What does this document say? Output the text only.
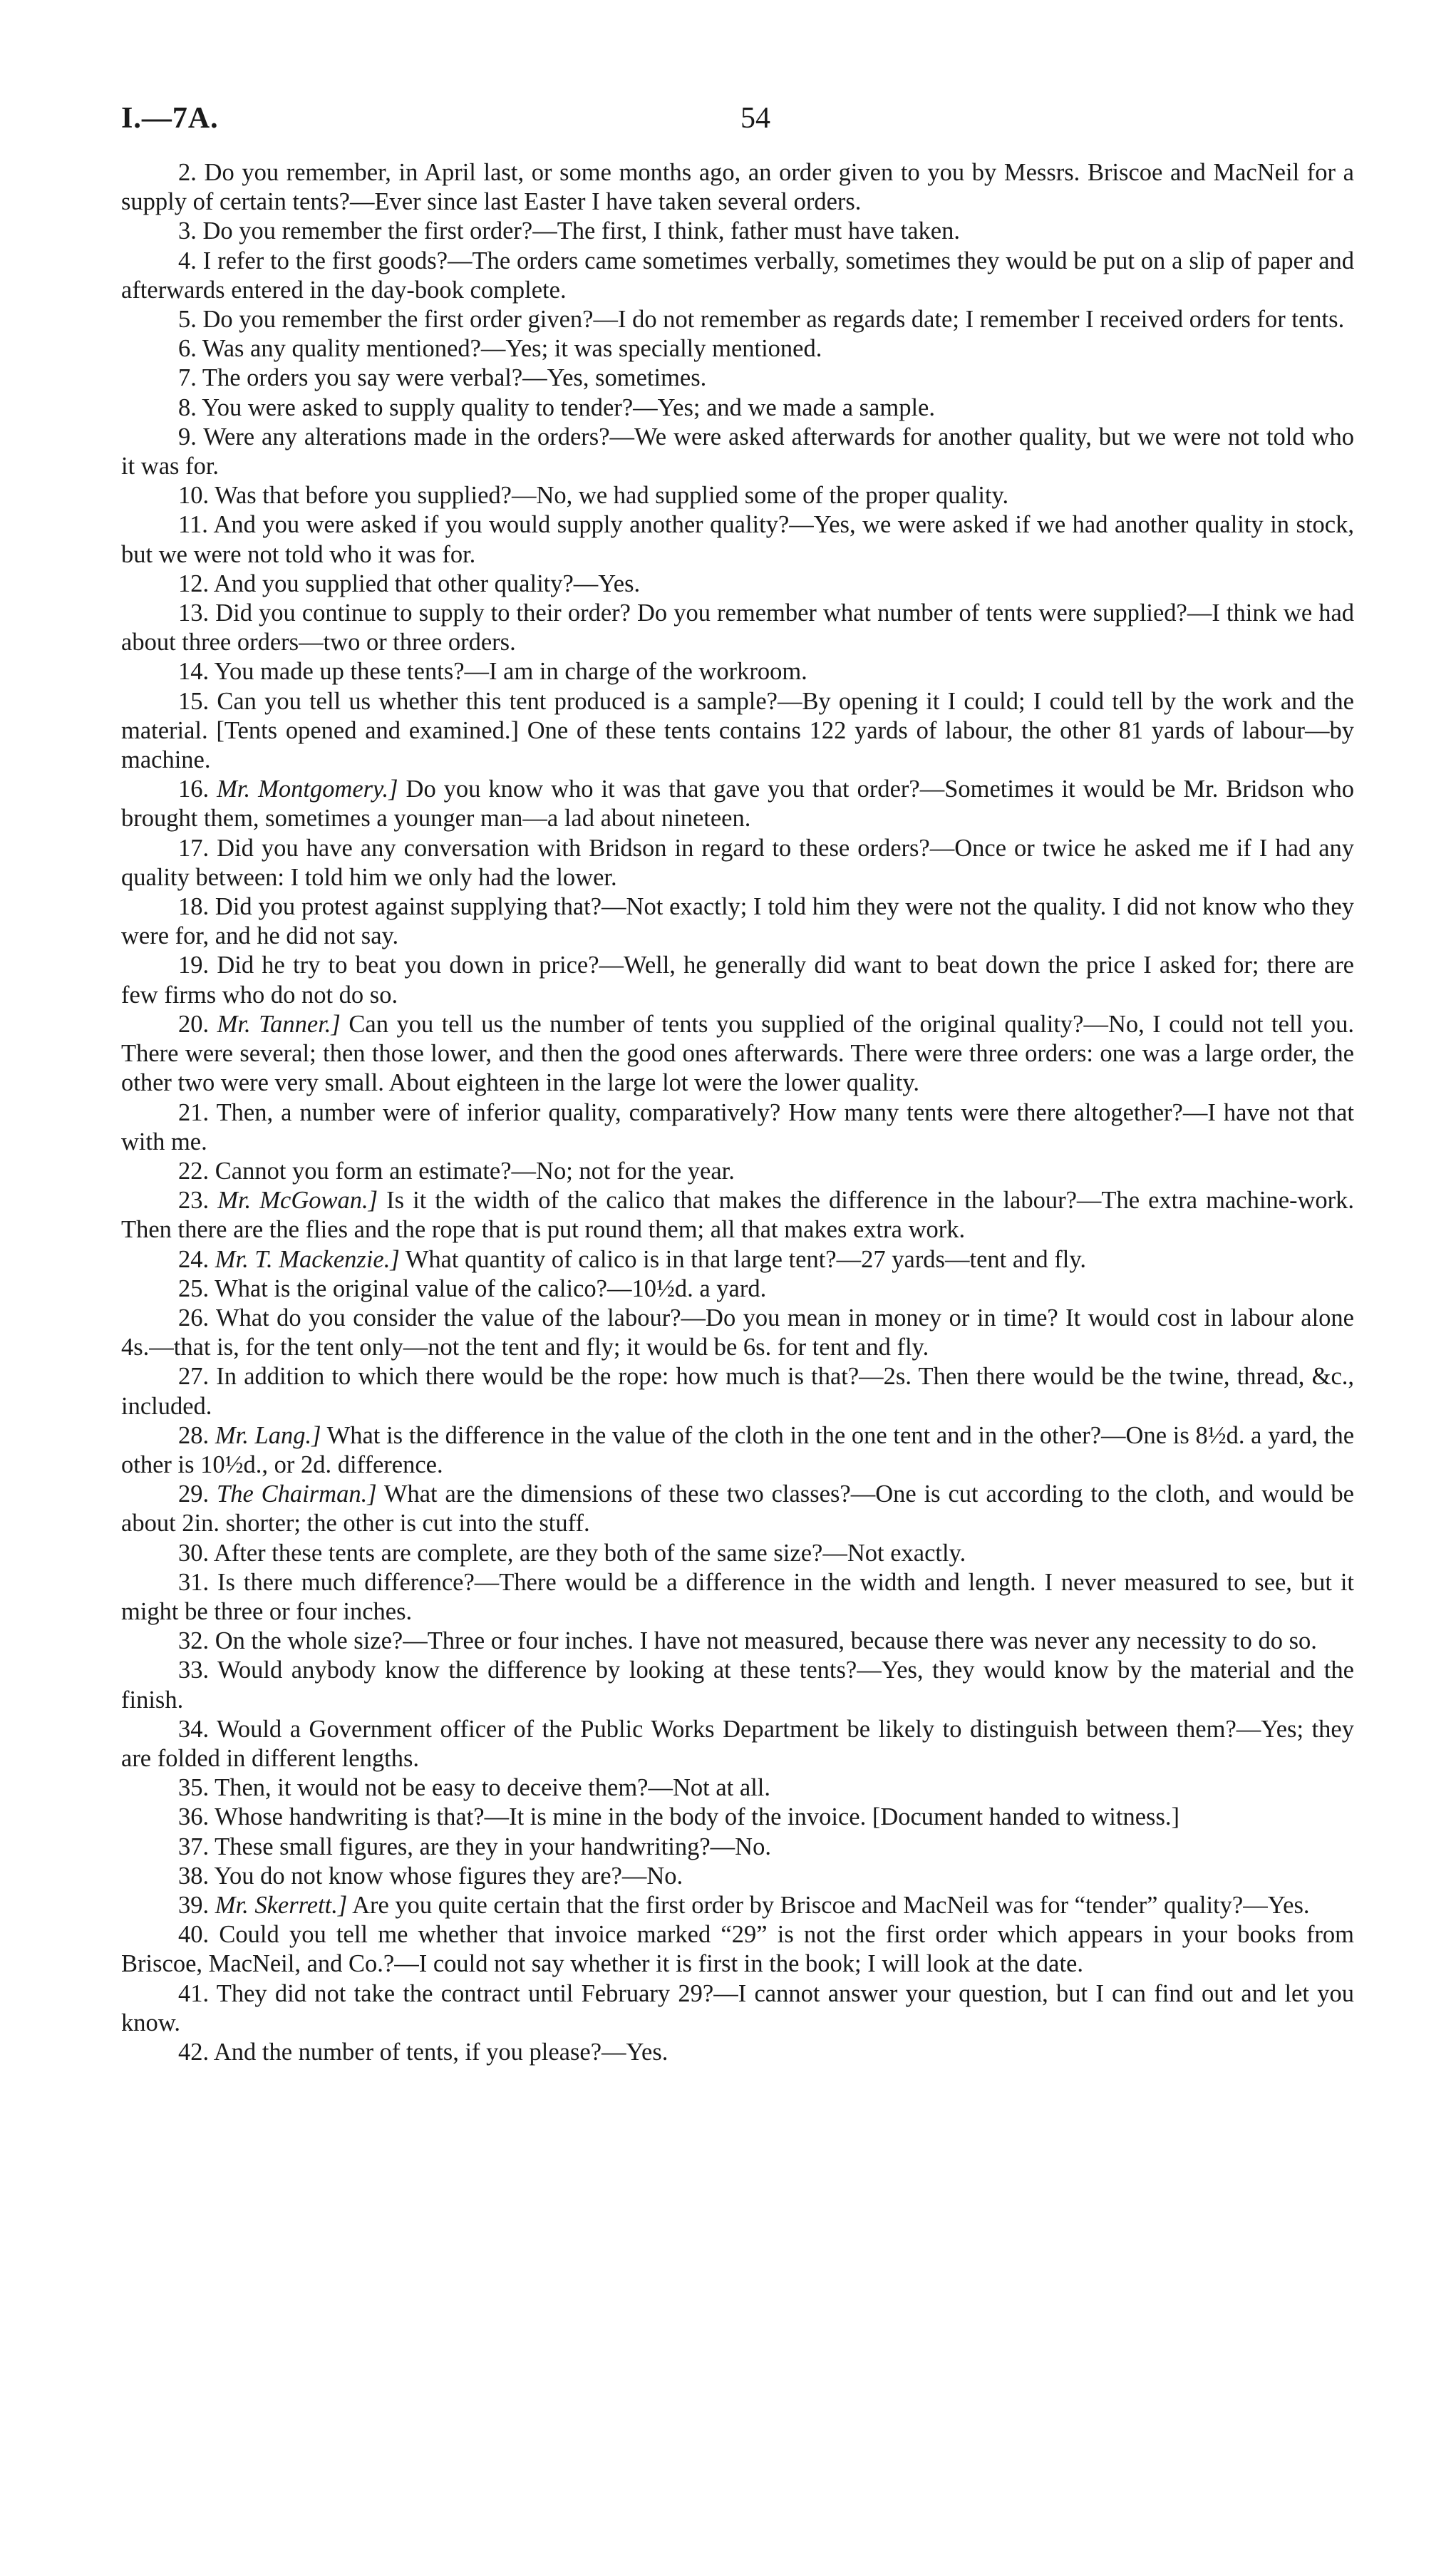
I.—7A.	54

2. Do you remember, in April last, or some months ago, an order given to you by Messrs. Briscoe and MacNeil for a supply of certain tents?—Ever since last Easter I have taken several orders.

3. Do you remember the first order?—The first, I think, father must have taken.

4. I refer to the first goods?—The orders came sometimes verbally, sometimes they would be put on a slip of paper and afterwards entered in the day-book complete.

5. Do you remember the first order given?—I do not remember as regards date; I remember I received orders for tents.

6. Was any quality mentioned?—Yes; it was specially mentioned.

7. The orders you say were verbal?—Yes, sometimes.

8. You were asked to supply quality to tender?—Yes; and we made a sample.

9. Were any alterations made in the orders?—We were asked afterwards for another quality, but we were not told who it was for.

10. Was that before you supplied?—No, we had supplied some of the proper quality.

11. And you were asked if you would supply another quality?—Yes, we were asked if we had another quality in stock, but we were not told who it was for.

12. And you supplied that other quality?—Yes.

13. Did you continue to supply to their order? Do you remember what number of tents were supplied?—I think we had about three orders—two or three orders.

14. You made up these tents?—I am in charge of the workroom.

15. Can you tell us whether this tent produced is a sample?—By opening it I could; I could tell by the work and the material. [Tents opened and examined.] One of these tents contains 122 yards of labour, the other 81 yards of labour—by machine.

16. Mr. Montgomery.] Do you know who it was that gave you that order?—Sometimes it would be Mr. Bridson who brought them, sometimes a younger man—a lad about nineteen.

17. Did you have any conversation with Bridson in regard to these orders?—Once or twice he asked me if I had any quality between: I told him we only had the lower.

18. Did you protest against supplying that?—Not exactly; I told him they were not the quality. I did not know who they were for, and he did not say.

19. Did he try to beat you down in price?—Well, he generally did want to beat down the price I asked for; there are few firms who do not do so.

20. Mr. Tanner.] Can you tell us the number of tents you supplied of the original quality?—No, I could not tell you. There were several; then those lower, and then the good ones afterwards. There were three orders: one was a large order, the other two were very small. About eighteen in the large lot were the lower quality.

21. Then, a number were of inferior quality, comparatively? How many tents were there altogether?—I have not that with me.

22. Cannot you form an estimate?—No; not for the year.

23. Mr. McGowan.] Is it the width of the calico that makes the difference in the labour?—The extra machine-work. Then there are the flies and the rope that is put round them; all that makes extra work.

24. Mr. T. Mackenzie.] What quantity of calico is in that large tent?—27 yards—tent and fly.

25. What is the original value of the calico?—10½d. a yard.

26. What do you consider the value of the labour?—Do you mean in money or in time? It would cost in labour alone 4s.—that is, for the tent only—not the tent and fly; it would be 6s. for tent and fly.

27. In addition to which there would be the rope: how much is that?—2s. Then there would be the twine, thread, &c., included.

28. Mr. Lang.] What is the difference in the value of the cloth in the one tent and in the other?—One is 8½d. a yard, the other is 10½d., or 2d. difference.

29. The Chairman.] What are the dimensions of these two classes?—One is cut according to the cloth, and would be about 2in. shorter; the other is cut into the stuff.

30. After these tents are complete, are they both of the same size?—Not exactly.

31. Is there much difference?—There would be a difference in the width and length. I never measured to see, but it might be three or four inches.

32. On the whole size?—Three or four inches. I have not measured, because there was never any necessity to do so.

33. Would anybody know the difference by looking at these tents?—Yes, they would know by the material and the finish.

34. Would a Government officer of the Public Works Department be likely to distinguish between them?—Yes; they are folded in different lengths.

35. Then, it would not be easy to deceive them?—Not at all.

36. Whose handwriting is that?—It is mine in the body of the invoice. [Document handed to witness.]

37. These small figures, are they in your handwriting?—No.

38. You do not know whose figures they are?—No.

39. Mr. Skerrett.] Are you quite certain that the first order by Briscoe and MacNeil was for “tender” quality?—Yes.

40. Could you tell me whether that invoice marked “29” is not the first order which appears in your books from Briscoe, MacNeil, and Co.?—I could not say whether it is first in the book; I will look at the date.

41. They did not take the contract until February 29?—I cannot answer your question, but I can find out and let you know.

42. And the number of tents, if you please?—Yes.
